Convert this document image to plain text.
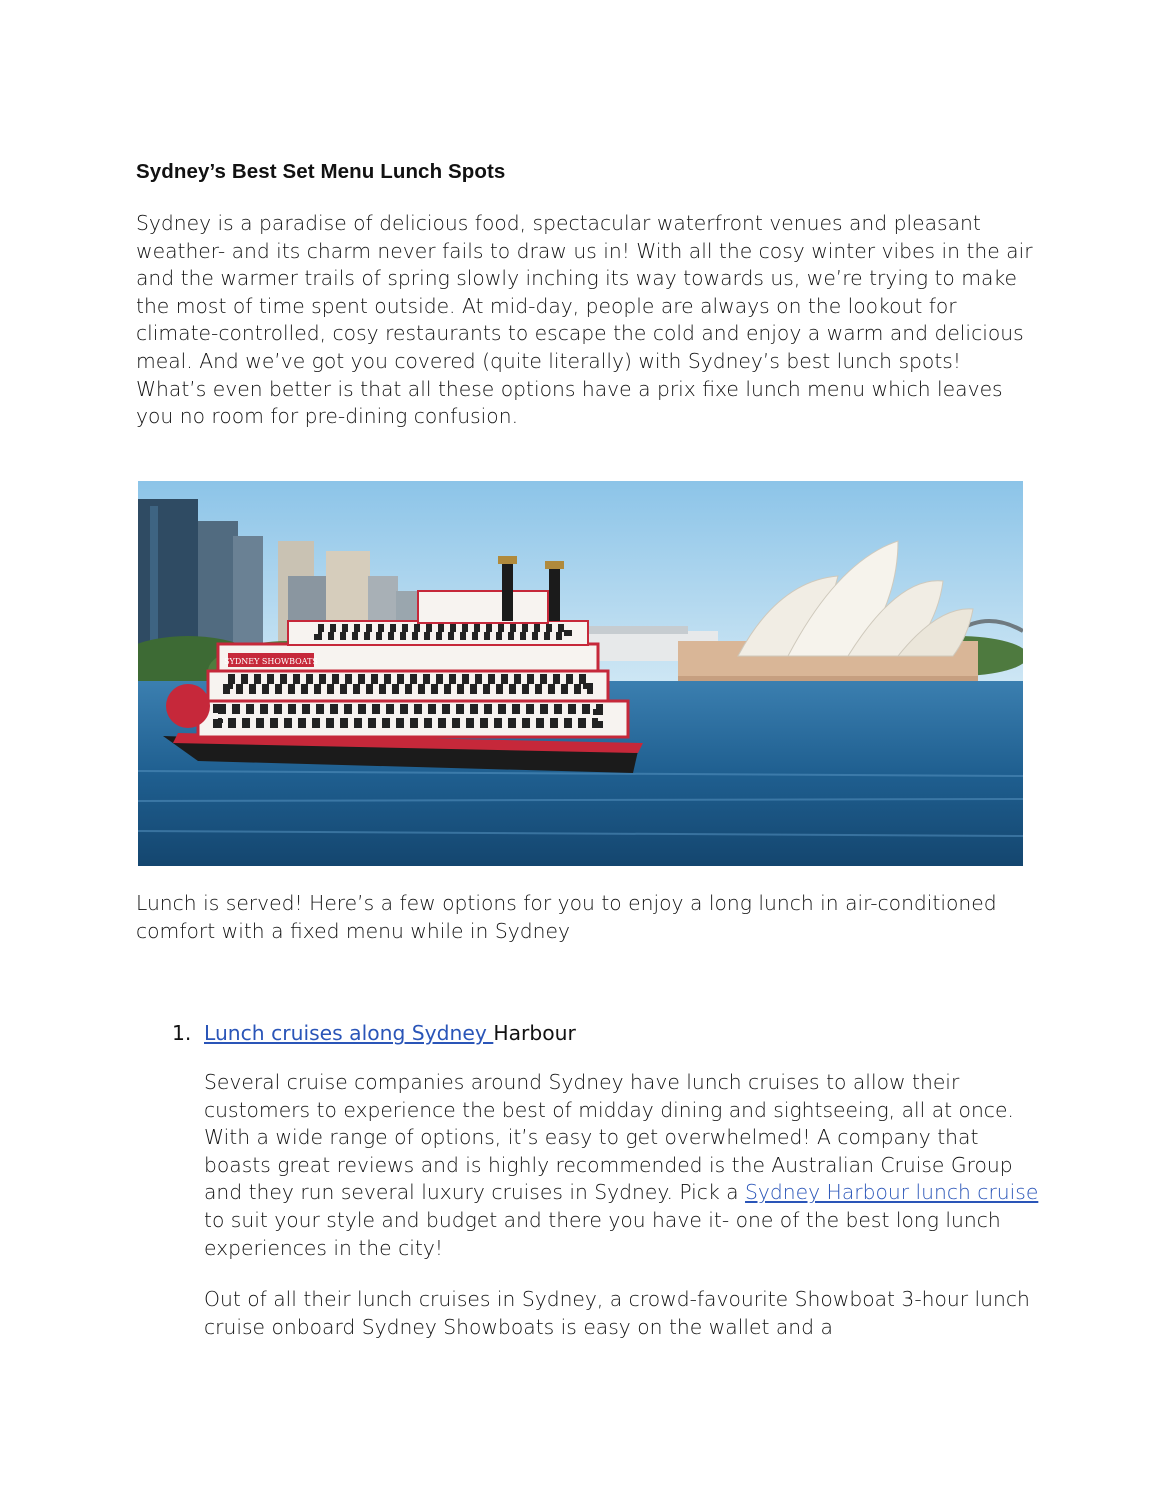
Sydney’s Best Set Menu Lunch Spots

Sydney is a paradise of delicious food, spectacular waterfront venues and pleasant weather- and its charm never fails to draw us in! With all the cosy winter vibes in the air and the warmer trails of spring slowly inching its way towards us, we’re trying to make the most of time spent outside. At mid-day, people are always on the lookout for climate-controlled, cosy restaurants to escape the cold and enjoy a warm and delicious meal. And we’ve got you covered (quite literally) with Sydney’s best lunch spots! What’s even better is that all these options have a prix fixe lunch menu which leaves you no room for pre-dining confusion.

SYDNEY SHOWBOATS

Lunch is served! Here’s a few options for you to enjoy a long lunch in air-conditioned comfort with a fixed menu while in Sydney

1. Lunch cruises along Sydney Harbour

Several cruise companies around Sydney have lunch cruises to allow their customers to experience the best of midday dining and sightseeing, all at once. With a wide range of options, it’s easy to get overwhelmed! A company that boasts great reviews and is highly recommended is the Australian Cruise Group and they run several luxury cruises in Sydney. Pick a Sydney Harbour lunch cruise to suit your style and budget and there you have it- one of the best long lunch experiences in the city!

Out of all their lunch cruises in Sydney, a crowd-favourite Showboat 3-hour lunch cruise onboard Sydney Showboats is easy on the wallet and a
